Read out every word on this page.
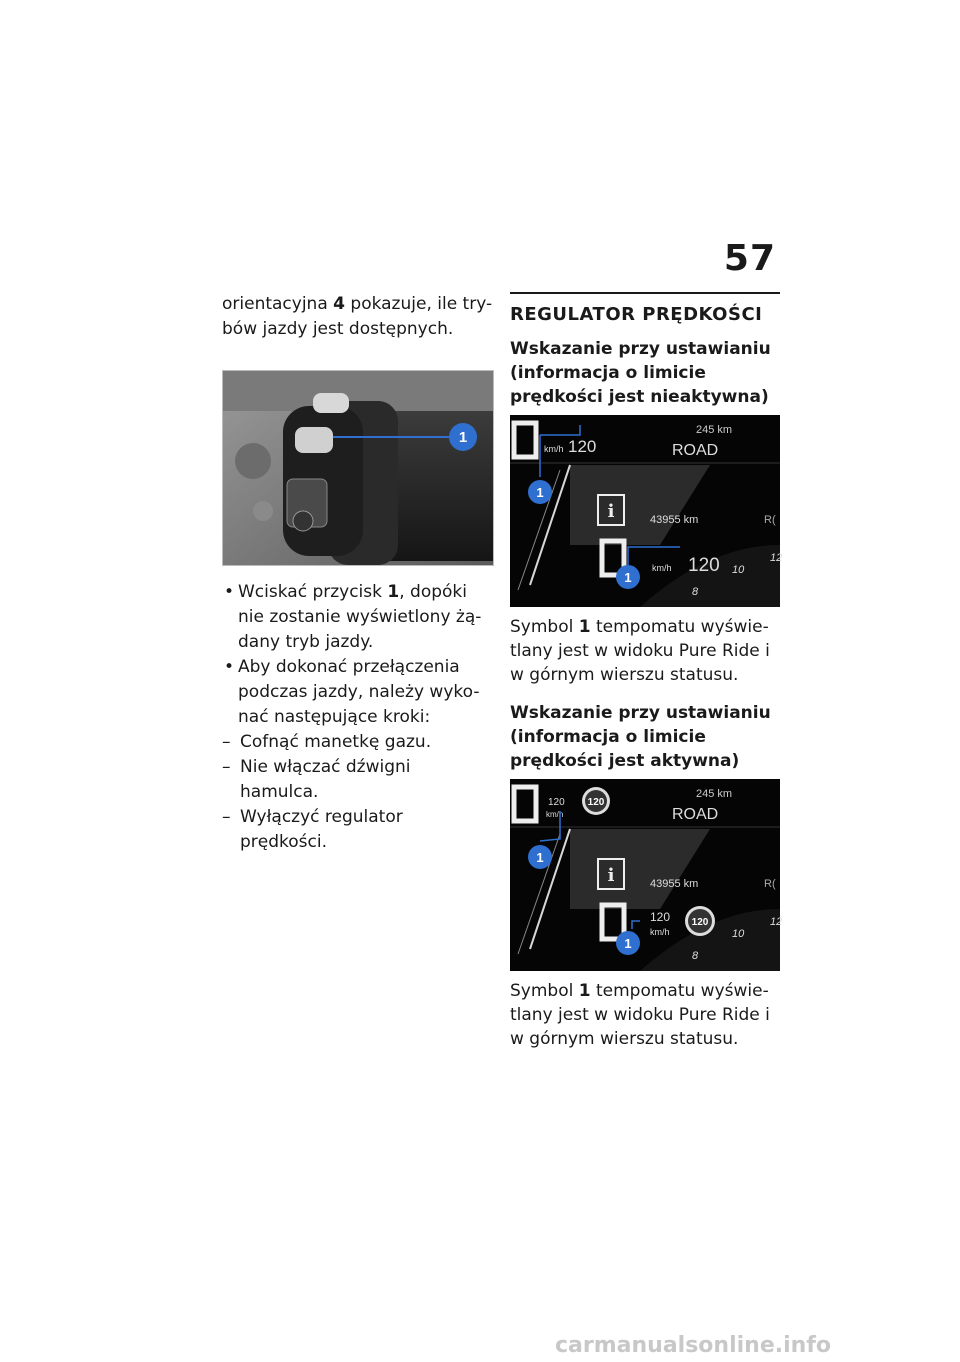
57

orientacyjna 4 pokazuje, ile try-bów jazdy jest dostępnych.

1
• Wciskać przycisk 1, dopóki nie zostanie wyświetlony żą-dany tryb jazdy.
• Aby dokonać przełączenia podczas jazdy, należy wyko-nać następujące kroki:
– Cofnąć manetkę gazu.
– Nie włączać dźwigni hamulca.
– Wyłączyć regulator prędkości.
REGULATOR PRĘDKOŚCI
Wskazanie przy ustawianiu (informacja o limicie prędkości jest nieaktywna)
km/h 120
245 km
ROAD
i	43955 km	R(
km/h 120 10
8
12
1
1

Symbol 1 tempomatu wyświe-tlany jest w widoku Pure Ride i w górnym wierszu statusu.

Wskazanie przy ustawianiu (informacja o limicie prędkości jest aktywna)
120
km/h
120
245 km
ROAD
i	43955 km	R(
120
km/h
120
10
8
12
1
1

Symbol 1 tempomatu wyświe-tlany jest w widoku Pure Ride i w górnym wierszu statusu.

carmanualsonline.info
